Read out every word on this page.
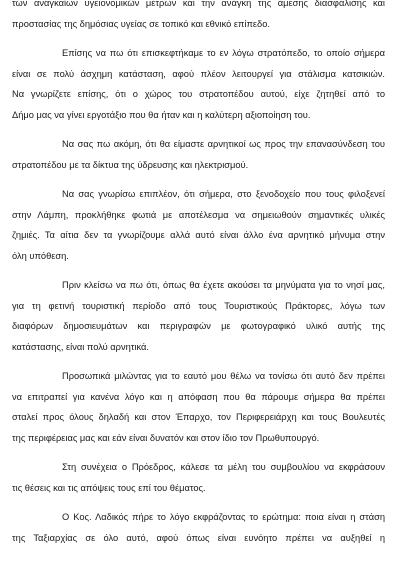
των αναγκαίων υγειονομικών μέτρων και την ανάγκη της άμεσης διασφάλισης και
προστασίας της δημόσιας υγείας σε τοπικό και εθνικό επίπεδο.

Επίσης να πω ότι επισκεφτήκαμε το εν λόγω στρατόπεδο, το οποίο σήμερα
είναι σε πολύ άσχημη κατάσταση, αφού πλέον λειτουργεί για στάλισμα κατσικιών.
Να γνωρίζετε επίσης, ότι ο χώρος του στρατοπέδου αυτού, είχε ζητηθεί από το
Δήμο μας να γίνει εργοτάξιο που θα ήταν και η καλύτερη αξιοποίηση του.

Να σας πω ακόμη, ότι θα είμαστε αρνητικοί ως προς την επανασύνδεση του
στρατοπέδου με τα δίκτυα της ύδρευσης και ηλεκτρισμού.

Να σας γνωρίσω επιπλέον, ότι σήμερα, στο ξενοδοχείο που τους φιλοξενεί
στην Λάμπη, προκλήθηκε φωτιά με αποτέλεσμα να σημειωθούν σημαντικές υλικές
ζημιές. Τα αίτια δεν τα γνωρίζουμε αλλά αυτό είναι άλλο ένα αρνητικό μήνυμα στην
όλη υπόθεση.

Πριν κλείσω να πω ότι, όπως θα έχετε ακούσει τα μηνύματα για το νησί μας,
για τη φετινή τουριστική περίοδο από τους Τουριστικούς Πράκτορες, λόγω των
διαφόρων δημοσιευμάτων και περιγραφών με φωτογραφικό υλικό αυτής της
κατάστασης, είναι πολύ αρνητικά.

Προσωπικά μιλώντας για το εαυτό μου θέλω να τονίσω ότι αυτό δεν πρέπει
να επιτραπεί για κανένα λόγο και η απόφαση που θα πάρουμε σήμερα θα πρέπει
σταλεί προς όλους δηλαδή και στον Έπαρχο, τον Περιφερειάρχη και τους Βουλευτές
της περιφέρειας μας και εάν είναι δυνατόν και στον ίδιο τον Πρωθυπουργό.

Στη συνέχεια ο Πρόεδρος, κάλεσε τα μέλη του συμβουλίου να εκφράσουν
τις θέσεις και τις απόψεις τους επί του θέματος.

Ο Κος. Λαδικός πήρε το λόγο εκφράζοντας το ερώτημα: ποια είναι η στάση
της Ταξιαρχίας σε όλο αυτό, αφού όπως είναι ευνόητο πρέπει να αυξηθεί η
